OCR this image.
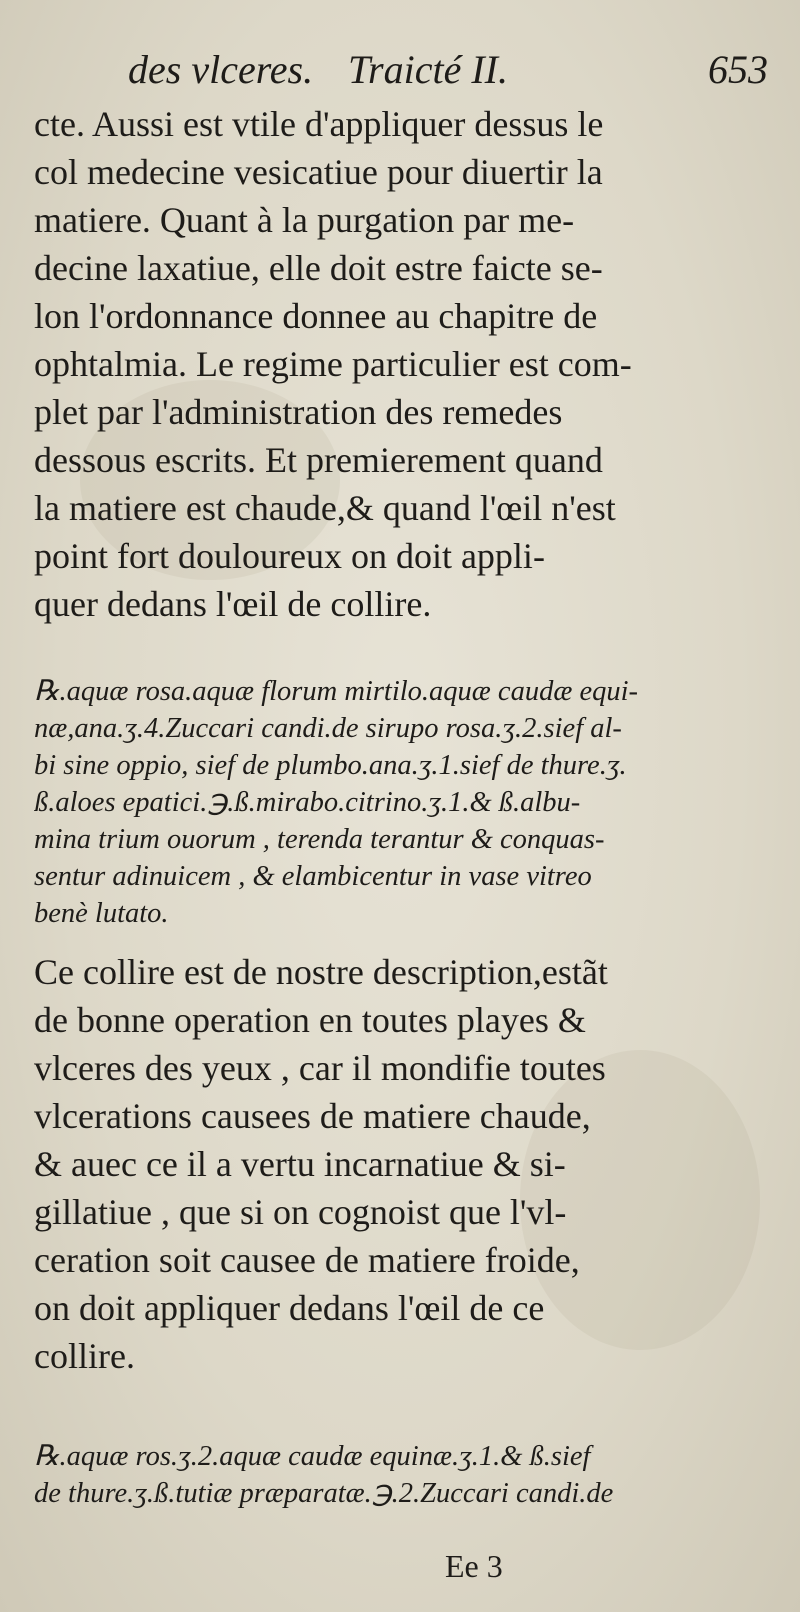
des vlceres. Traicté II.	653
cte. Aussi est vtile d'appliquer dessus le
col medecine vesicatiue pour diuertir la
matiere. Quant à la purgation par me-
decine laxatiue, elle doit estre faicte se-
lon l'ordonnance donnee au chapitre de
ophtalmia. Le regime particulier est com-
plet par l'administration des remedes
dessous escrits. Et premierement quand
la matiere est chaude,& quand l'œil n'est
point fort douloureux on doit appli-
quer dedans l'œil de collire.
℞.aquæ rosa.aquæ florum mirtilo.aquæ caudæ equi-
næ,ana.ʒ.4.Zuccari candi.de sirupo rosa.ʒ.2.sief al-
bi sine oppio, sief de plumbo.ana.ʒ.1.sief de thure.ʒ.
ß.aloes epatici.℈.ß.mirabo.citrino.ʒ.1.& ß.albu-
mina trium ouorum , terenda terantur & conquas-
sentur adinuicem , & elambicentur in vase vitreo
benè lutato.
Ce collire est de nostre description,estãt
de bonne operation en toutes playes &
vlceres des yeux , car il mondifie toutes
vlcerations causees de matiere chaude,
& auec ce il a vertu incarnatiue & si-
gillatiue , que si on cognoist que l'vl-
ceration soit causee de matiere froide,
on doit appliquer dedans l'œil de ce
collire.
℞.aquæ ros.ʒ.2.aquæ caudæ equinæ.ʒ.1.& ß.sief
de thure.ʒ.ß.tutiæ præparatæ.℈.2.Zuccari candi.de
Ee 3
